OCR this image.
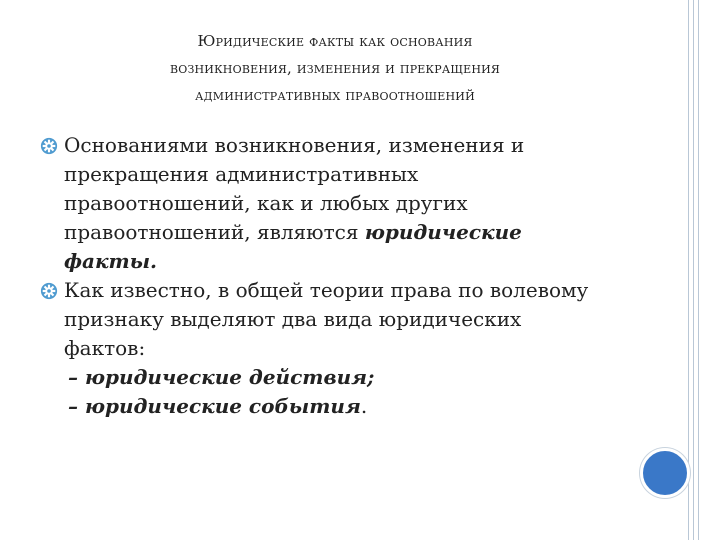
Юридические факты как основания
возникновения, изменения и прекращения
административных правоотношений
Основаниями возникновения, изменения и прекращения административных правоотношений, как и любых других правоотношений, являются юридические факты.
Как известно, в общей теории права по волевому признаку выделяют два вида юридических фактов:
– юридические действия;
– юридические события.
